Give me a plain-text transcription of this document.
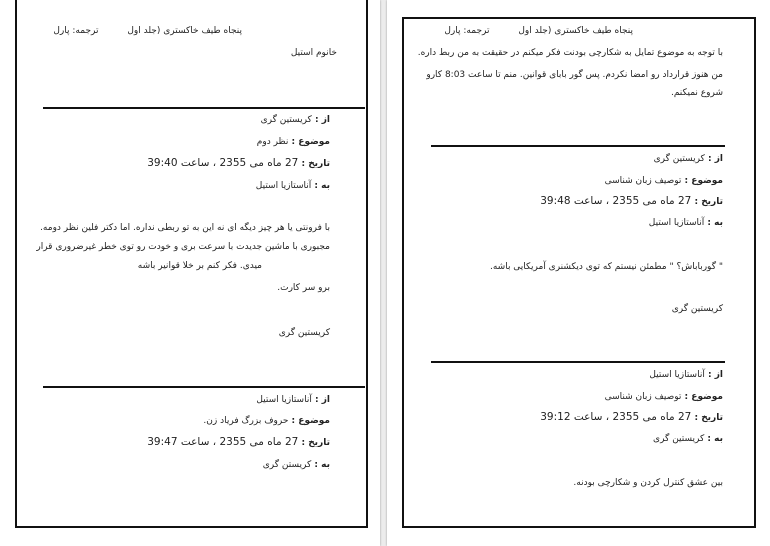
پنجاه طیف خاکستری (جلد اول ترجمه: پارل
خانوم استیل
از : کریستین گری
موضوع : نظر دوم
تاریخ : 27 ماه می 2355 ، ساعت 39:40
به : آناستازیا استیل
با فرونتی یا هر چیز دیگه ای نه این به تو ربطی نداره. اما دکتر فلین نظر دومه.
مجبوری با ماشین جدیدت با سرعت بری و خودت رو توی خطر غیرضروری قرار
میدی. فکر کنم بر خلا قوانیر باشه
برو سر کارت.
کریستین گری
از : آناستازیا استیل
موضوع : حروف بزرگ فریاد زن.
تاریخ : 27 ماه می 2355 ، ساعت 39:47
به : کریستن گری
پنجاه طیف خاکستری (جلد اول ترجمه: پارل
با توجه به موضوع تمایل به شکارچی بودنت فکر میکنم در حقیقت به من ربط داره.
من هنوز قرارداد رو امضا نکردم. پس گور بابای قوانین. منم تا ساعت 8:03 کارو
شروع نمیکنم.
از : کریستین گری
موضوع : توصیف زبان شناسی
تاریخ : 27 ماه می 2355 ، ساعت 39:48
به : آناستازیا استیل
" گورباباش؟ " مطمئن نیستم که توی دیکشنری آمریکایی باشه.
کریستین گری
از : آناستازیا استیل
موضوع : توصیف زبان شناسی
تاریخ : 27 ماه می 2355 ، ساعت 39:12
به : کریستین گری
بین عشق کنترل کردن و شکارچی بودنه.
